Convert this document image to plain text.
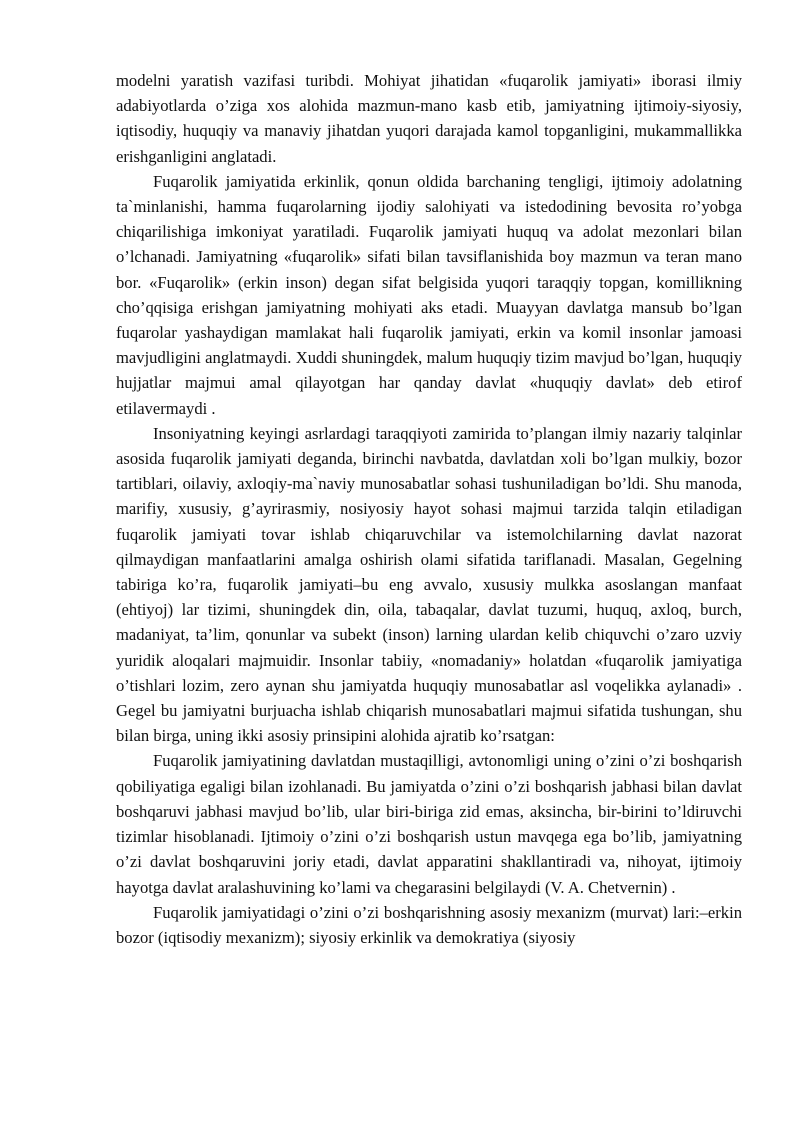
modelni yaratish vazifasi turibdi. Mohiyat jihatidan «fuqarolik jamiyati» iborasi ilmiy adabiyotlarda o’ziga xos alohida mazmun-mano kasb etib, jamiyatning ijtimoiy-siyosiy, iqtisodiy, huquqiy va manaviy jihatdan yuqori darajada kamol topganligini, mukammallikka erishganligini anglatadi.

Fuqarolik jamiyatida erkinlik, qonun oldida barchaning tengligi, ijtimoiy adolatning ta`minlanishi, hamma fuqarolarning ijodiy salohiyati va istedodining bevosita ro’yobga chiqarilishiga imkoniyat yaratiladi. Fuqarolik jamiyati huquq va adolat mezonlari bilan o’lchanadi. Jamiyatning «fuqarolik» sifati bilan tavsiflanishida boy mazmun va teran mano bor. «Fuqarolik» (erkin inson) degan sifat belgisida yuqori taraqqiy topgan, komillikning cho’qqisiga erishgan jamiyatning mohiyati aks etadi. Muayyan davlatga mansub bo’lgan fuqarolar yashaydigan mamlakat hali fuqarolik jamiyati, erkin va komil insonlar jamoasi mavjudligini anglatmaydi. Xuddi shuningdek, malum huquqiy tizim mavjud bo’lgan, huquqiy hujjatlar majmui amal qilayotgan har qanday davlat «huquqiy davlat» deb etirof etilavermaydi .

Insoniyatning keyingi asrlardagi taraqqiyoti zamirida to’plangan ilmiy nazariy talqinlar asosida fuqarolik jamiyati deganda, birinchi navbatda, davlatdan xoli bo’lgan mulkiy, bozor tartiblari, oilaviy, axloqiy-ma`naviy munosabatlar sohasi tushuniladigan bo’ldi. Shu manoda, marifiy, xususiy, g’ayrirasmiy, nosiyosiy hayot sohasi majmui tarzida talqin etiladigan fuqarolik jamiyati tovar ishlab chiqaruvchilar va istemolchilarning davlat nazorat qilmaydigan manfaatlarini amalga oshirish olami sifatida tariflanadi. Masalan, Gegelning tabiriga ko’ra, fuqarolik jamiyati–bu eng avvalo, xususiy mulkka asoslangan manfaat (ehtiyoj) lar tizimi, shuningdek din, oila, tabaqalar, davlat tuzumi, huquq, axloq, burch, madaniyat, ta’lim, qonunlar va subekt (inson) larning ulardan kelib chiquvchi o’zaro uzviy yuridik aloqalari majmuidir. Insonlar tabiiy, «nomadaniy» holatdan «fuqarolik jamiyatiga o’tishlari lozim, zero aynan shu jamiyatda huquqiy munosabatlar asl voqelikka aylanadi» . Gegel bu jamiyatni burjuacha ishlab chiqarish munosabatlari majmui sifatida tushungan, shu bilan birga, uning ikki asosiy prinsipini alohida ajratib ko’rsatgan:

Fuqarolik jamiyatining davlatdan mustaqilligi, avtonomligi uning o’zini o’zi boshqarish qobiliyatiga egaligi bilan izohlanadi. Bu jamiyatda o’zini o’zi boshqarish jabhasi bilan davlat boshqaruvi jabhasi mavjud bo’lib, ular biri-biriga zid emas, aksincha, bir-birini to’ldiruvchi tizimlar hisoblanadi. Ijtimoiy o’zini o’zi boshqarish ustun mavqega ega bo’lib, jamiyatning o’zi davlat boshqaruvini joriy etadi, davlat apparatini shakllantiradi va, nihoyat, ijtimoiy hayotga davlat aralashuvining ko’lami va chegarasini belgilaydi (V. A. Chetvernin) .

Fuqarolik jamiyatidagi o’zini o’zi boshqarishning asosiy mexanizm (murvat) lari:–erkin bozor (iqtisodiy mexanizm); siyosiy erkinlik va demokratiya (siyosiy
